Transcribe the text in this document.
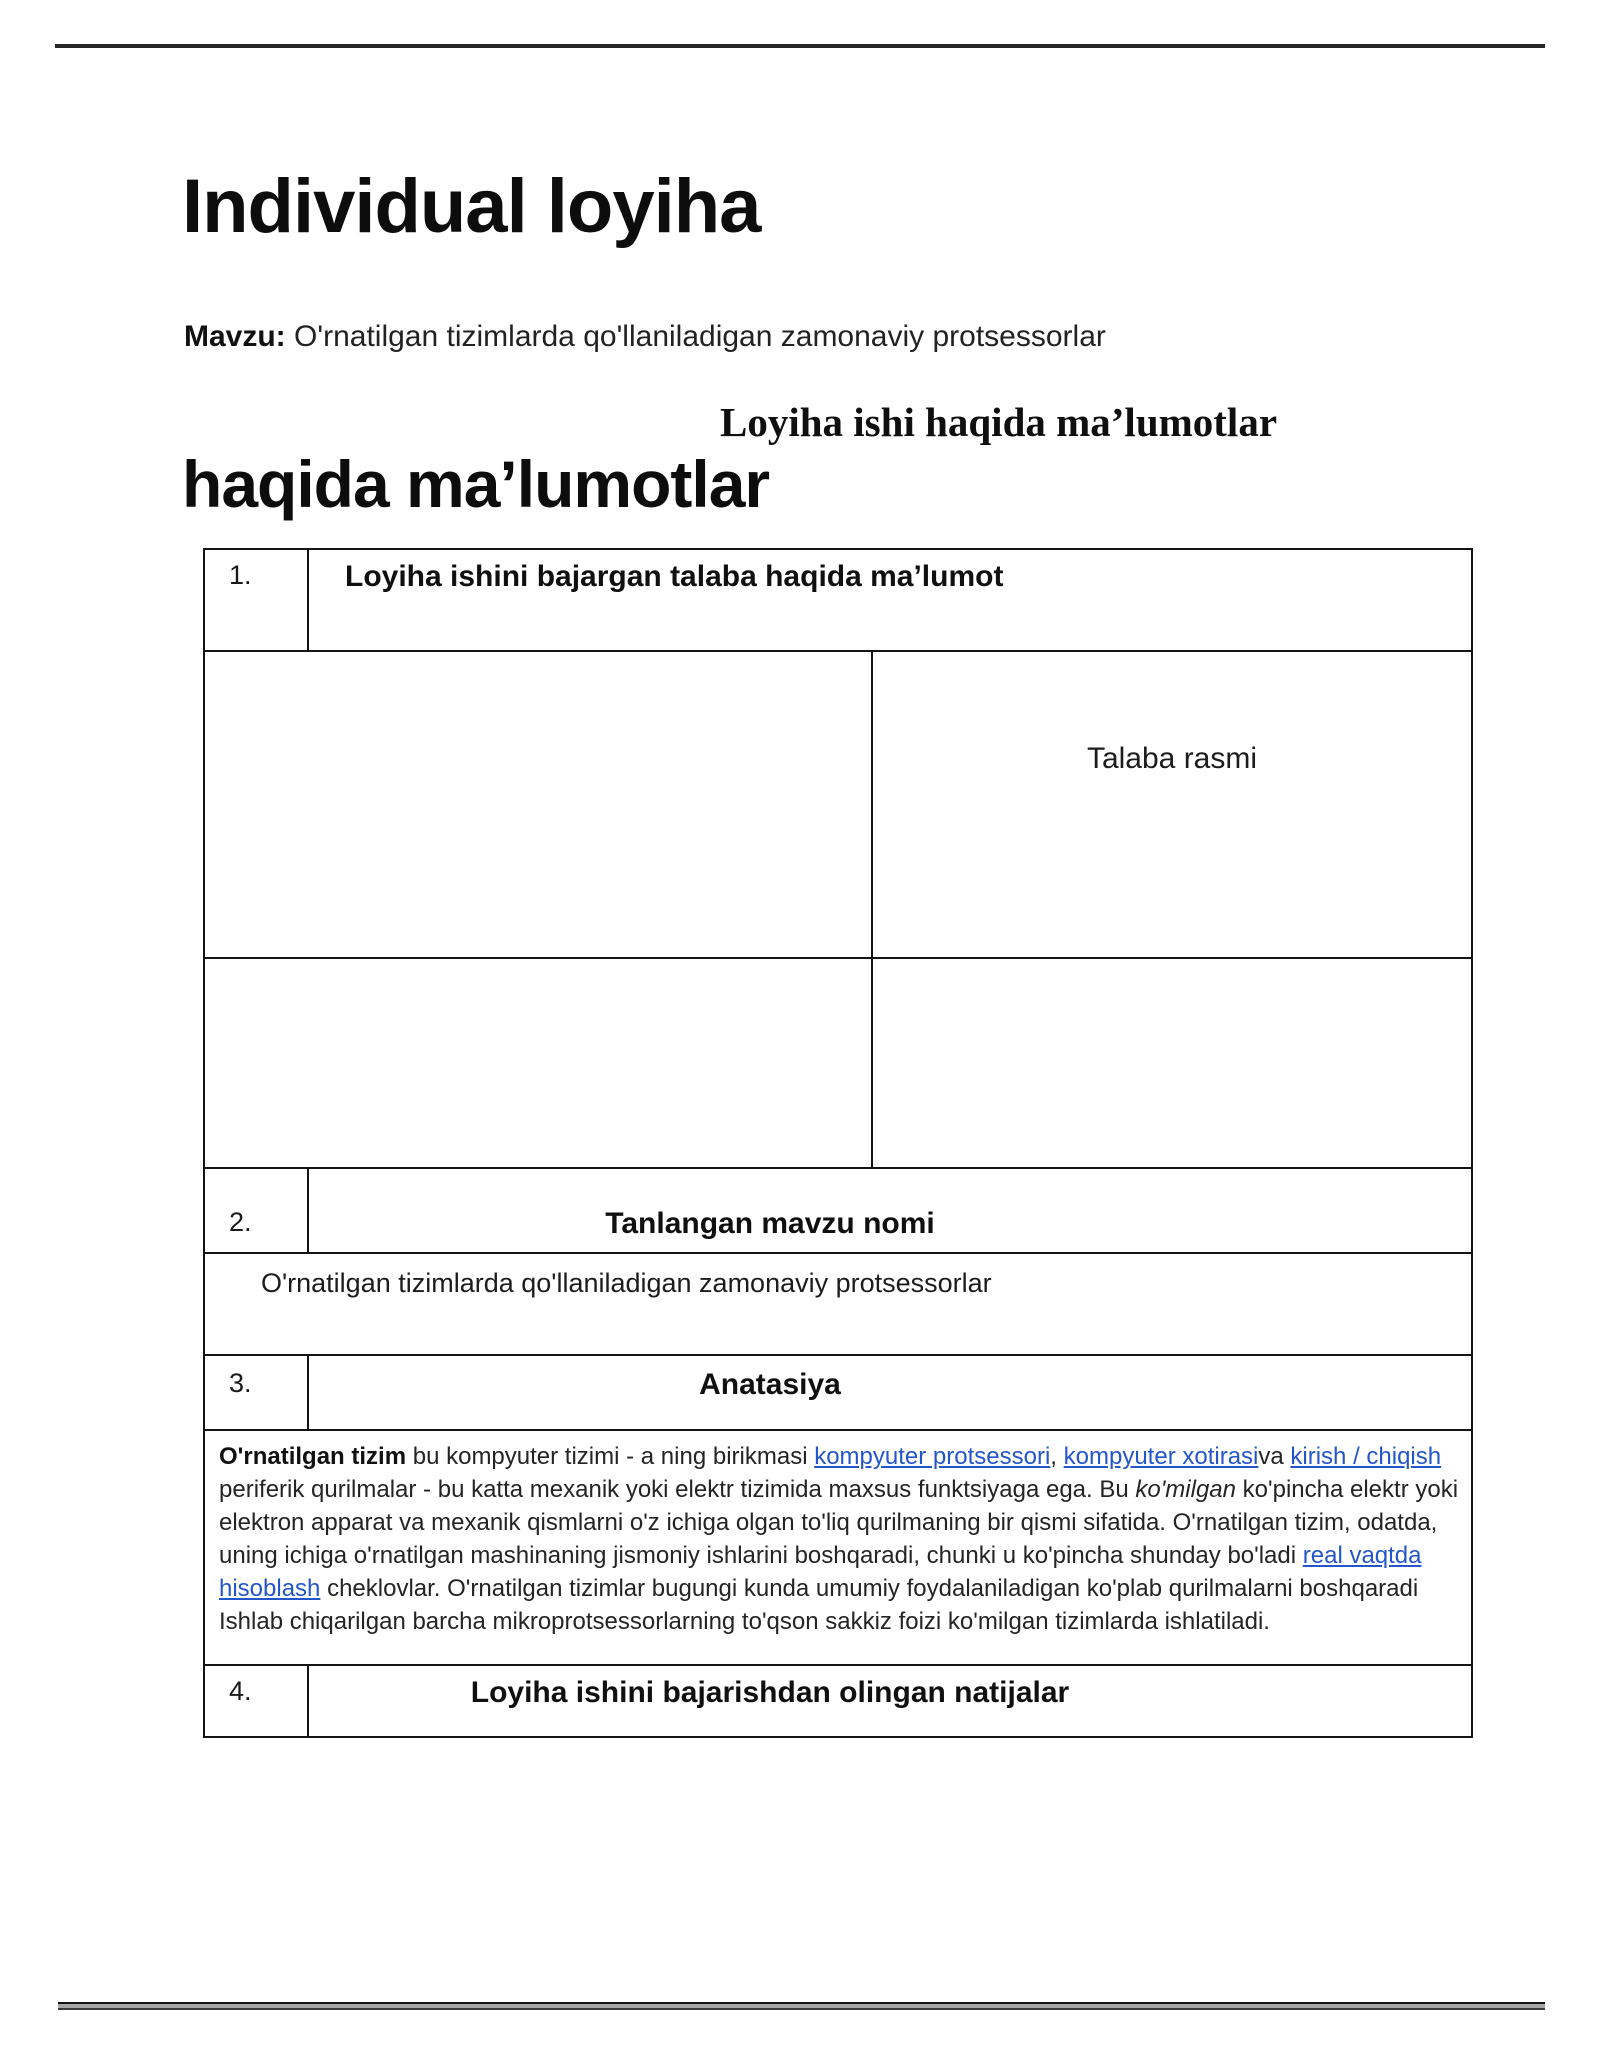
Individual loyiha

Mavzu: O'rnatilgan tizimlarda qo'llaniladigan zamonaviy protsessorlar

Loyiha ishi haqida ma’lumotlar
haqida ma’lumotlar
1.	Loyiha ishini bajargan talaba haqida ma’lumot
Talaba rasmi
2.	Tanlangan mavzu nomi
O'rnatilgan tizimlarda qo'llaniladigan zamonaviy protsessorlar
3.	Anatasiya
O'rnatilgan tizim bu kompyuter tizimi - a ning birikmasi kompyuter protsessori, kompyuter xotirasiva kirish / chiqish periferik qurilmalar - bu katta mexanik yoki elektr tizimida maxsus funktsiyaga ega. Bu ko'milgan ko'pincha elektr yoki elektron apparat va mexanik qismlarni o'z ichiga olgan to'liq qurilmaning bir qismi sifatida. O'rnatilgan tizim, odatda, uning ichiga o'rnatilgan mashinaning jismoniy ishlarini boshqaradi, chunki u ko'pincha shunday bo'ladi real vaqtda hisoblash cheklovlar. O'rnatilgan tizimlar bugungi kunda umumiy foydalaniladigan ko'plab qurilmalarni boshqaradi Ishlab chiqarilgan barcha mikroprotsessorlarning to'qson sakkiz foizi ko'milgan tizimlarda ishlatiladi.
4.	Loyiha ishini bajarishdan olingan natijalar
